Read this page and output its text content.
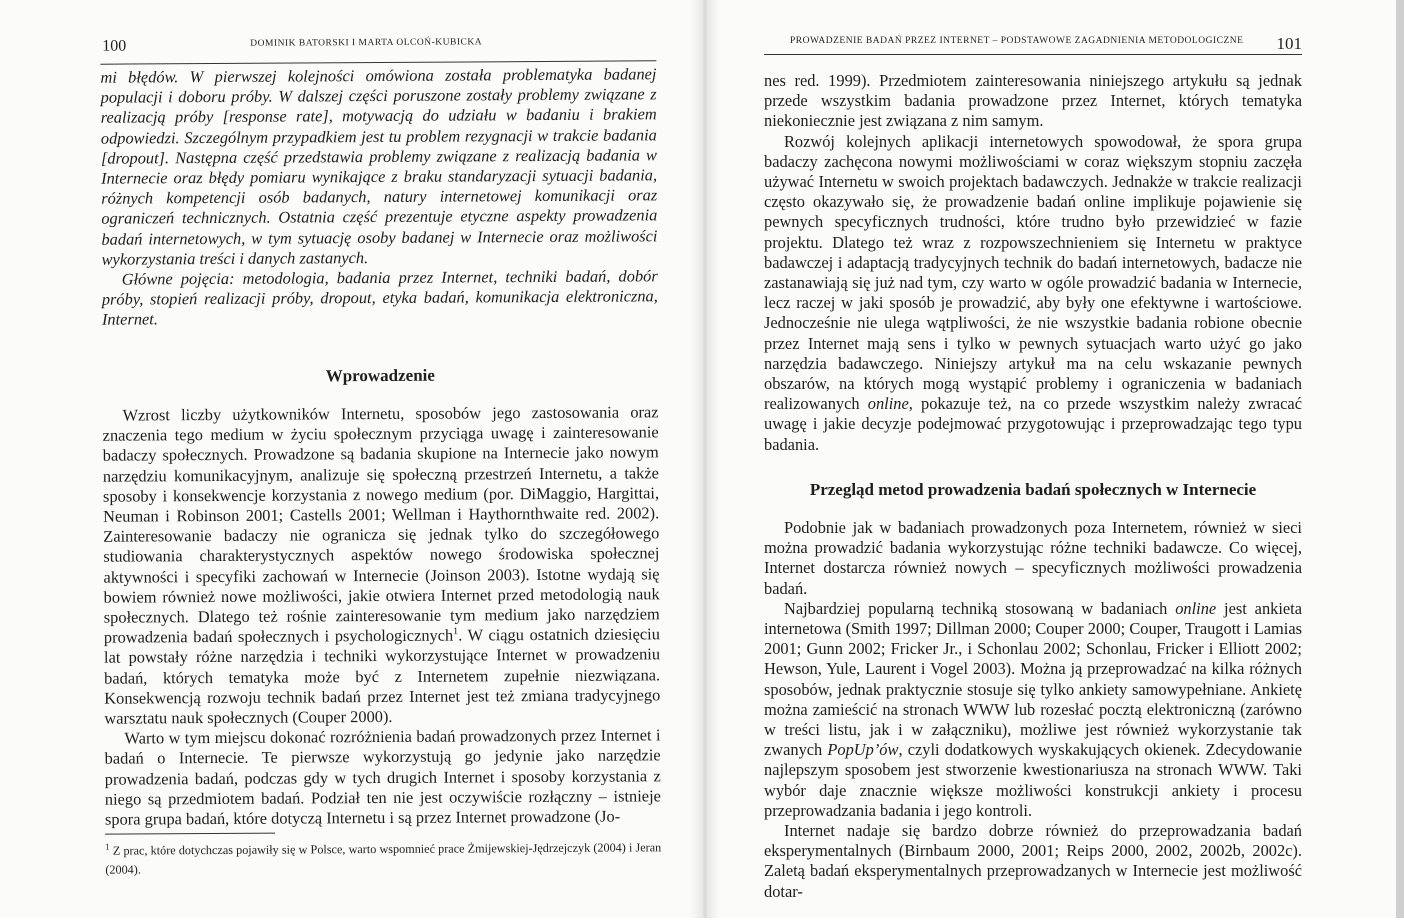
100	DOMINIK BATORSKI I MARTA OLCOŃ-KUBICKA

mi błędów. W pierwszej kolejności omówiona została problematyka badanej populacji i doboru próby. W dalszej części poruszone zostały problemy związane z realizacją próby [response rate], motywacją do udziału w badaniu i brakiem odpowiedzi. Szczególnym przypadkiem jest tu problem rezygnacji w trakcie badania [dropout]. Następna część przedstawia problemy związane z realizacją badania w Internecie oraz błędy pomiaru wynikające z braku standaryzacji sytuacji badania, różnych kompetencji osób badanych, natury internetowej komunikacji oraz ograniczeń technicznych. Ostatnia część prezentuje etyczne aspekty prowadzenia badań internetowych, w tym sytuację osoby badanej w Internecie oraz możliwości wykorzystania treści i danych zastanych.

Główne pojęcia: metodologia, badania przez Internet, techniki badań, dobór próby, stopień realizacji próby, dropout, etyka badań, komunikacja elektroniczna, Internet.

Wprowadzenie

Wzrost liczby użytkowników Internetu, sposobów jego zastosowania oraz znaczenia tego medium w życiu społecznym przyciąga uwagę i zainteresowanie badaczy społecznych. Prowadzone są badania skupione na Internecie jako nowym narzędziu komunikacyjnym, analizuje się społeczną przestrzeń Internetu, a także sposoby i konsekwencje korzystania z nowego medium (por. DiMaggio, Hargittai, Neuman i Robinson 2001; Castells 2001; Wellman i Haythornthwaite red. 2002). Zainteresowanie badaczy nie ogranicza się jednak tylko do szczegółowego studiowania charakterystycznych aspektów nowego środowiska społecznej aktywności i specyfiki zachowań w Internecie (Joinson 2003). Istotne wydają się bowiem również nowe możliwości, jakie otwiera Internet przed metodologią nauk społecznych. Dlatego też rośnie zainteresowanie tym medium jako narzędziem prowadzenia badań społecznych i psychologicznych$^1$. W ciągu ostatnich dziesięciu lat powstały różne narzędzia i techniki wykorzystujące Internet w prowadzeniu badań, których tematyka może być z Internetem zupełnie niezwiązana. Konsekwencją rozwoju technik badań przez Internet jest też zmiana tradycyjnego warsztatu nauk społecznych (Couper 2000).

Warto w tym miejscu dokonać rozróżnienia badań prowadzonych przez Internet i badań o Internecie. Te pierwsze wykorzystują go jedynie jako narzędzie prowadzenia badań, podczas gdy w tych drugich Internet i sposoby korzystania z niego są przedmiotem badań. Podział ten nie jest oczywiście rozłączny – istnieje spora grupa badań, które dotyczą Internetu i są przez Internet prowadzone (Jo-

$^1$ Z prac, które dotychczas pojawiły się w Polsce, warto wspomnieć prace Żmijewskiej-Jędrzejczyk (2004) i Jeran (2004).
PROWADZENIE BADAŃ PRZEZ INTERNET – PODSTAWOWE ZAGADNIENIA METODOLOGICZNE 101

nes red. 1999). Przedmiotem zainteresowania niniejszego artykułu są jednak przede wszystkim badania prowadzone przez Internet, których tematyka niekoniecznie jest związana z nim samym.

Rozwój kolejnych aplikacji internetowych spowodował, że spora grupa badaczy zachęcona nowymi możliwościami w coraz większym stopniu zaczęła używać Internetu w swoich projektach badawczych. Jednakże w trakcie realizacji często okazywało się, że prowadzenie badań online implikuje pojawienie się pewnych specyficznych trudności, które trudno było przewidzieć w fazie projektu. Dlatego też wraz z rozpowszechnieniem się Internetu w praktyce badawczej i adaptacją tradycyjnych technik do badań internetowych, badacze nie zastanawiają się już nad tym, czy warto w ogóle prowadzić badania w Internecie, lecz raczej w jaki sposób je prowadzić, aby były one efektywne i wartościowe. Jednocześnie nie ulega wątpliwości, że nie wszystkie badania robione obecnie przez Internet mają sens i tylko w pewnych sytuacjach warto użyć go jako narzędzia badawczego. Niniejszy artykuł ma na celu wskazanie pewnych obszarów, na których mogą wystąpić problemy i ograniczenia w badaniach realizowanych online, pokazuje też, na co przede wszystkim należy zwracać uwagę i jakie decyzje podejmować przygotowując i przeprowadzając tego typu badania.

Przegląd metod prowadzenia badań społecznych w Internecie

Podobnie jak w badaniach prowadzonych poza Internetem, również w sieci można prowadzić badania wykorzystując różne techniki badawcze. Co więcej, Internet dostarcza również nowych – specyficznych możliwości prowadzenia badań.

Najbardziej popularną techniką stosowaną w badaniach online jest ankieta internetowa (Smith 1997; Dillman 2000; Couper 2000; Couper, Traugott i Lamias 2001; Gunn 2002; Fricker Jr., i Schonlau 2002; Schonlau, Fricker i Elliott 2002; Hewson, Yule, Laurent i Vogel 2003). Można ją przeprowadzać na kilka różnych sposobów, jednak praktycznie stosuje się tylko ankiety samowypełniane. Ankietę można zamieścić na stronach WWW lub rozesłać pocztą elektroniczną (zarówno w treści listu, jak i w załączniku), możliwe jest również wykorzystanie tak zwanych PopUp’ów, czyli dodatkowych wyskakujących okienek. Zdecydowanie najlepszym sposobem jest stworzenie kwestionariusza na stronach WWW. Taki wybór daje znacznie większe możliwości konstrukcji ankiety i procesu przeprowadzania badania i jego kontroli.

Internet nadaje się bardzo dobrze również do przeprowadzania badań eksperymentalnych (Birnbaum 2000, 2001; Reips 2000, 2002, 2002b, 2002c). Zaletą badań eksperymentalnych przeprowadzanych w Internecie jest możliwość dotar-
